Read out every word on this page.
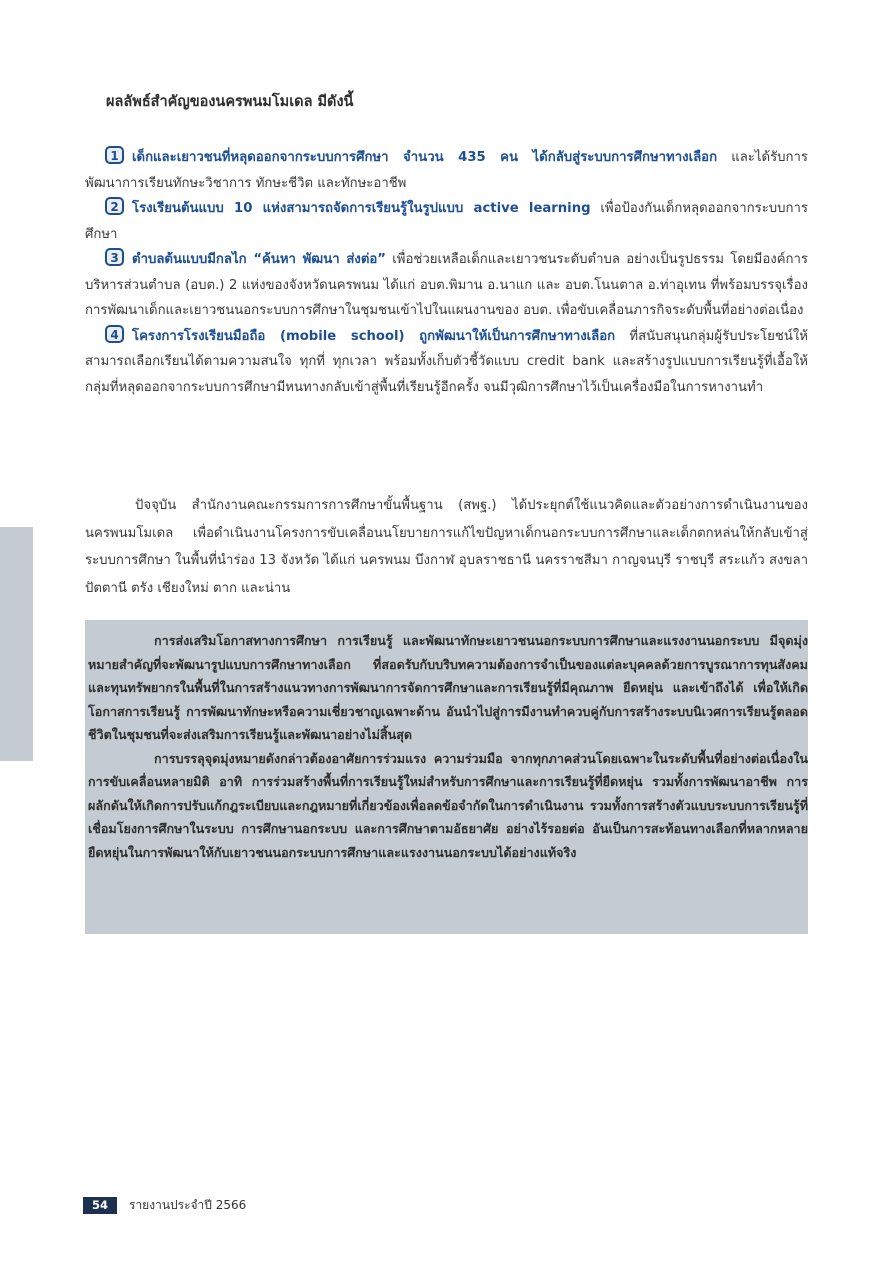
ผลลัพธ์สำคัญของนครพนมโมเดล มีดังนี้

1 เด็กและเยาวชนที่หลุดออกจากระบบการศึกษา จำนวน 435 คน ได้กลับสู่ระบบการศึกษาทางเลือก และได้รับการพัฒนาการเรียนทักษะวิชาการ ทักษะชีวิต และทักษะอาชีพ

2 โรงเรียนต้นแบบ 10 แห่งสามารถจัดการเรียนรู้ในรูปแบบ active learning เพื่อป้องกันเด็กหลุดออกจากระบบการศึกษา

3 ตำบลต้นแบบมีกลไก “ค้นหา พัฒนา ส่งต่อ” เพื่อช่วยเหลือเด็กและเยาวชนระดับตำบล อย่างเป็นรูปธรรม โดยมีองค์การบริหารส่วนตำบล (อบต.) 2 แห่งของจังหวัดนครพนม ได้แก่ อบต.พิมาน อ.นาแก และ อบต.โนนตาล อ.ท่าอุเทน ที่พร้อมบรรจุเรื่องการพัฒนาเด็กและเยาวชนนอกระบบการศึกษาในชุมชนเข้าไปในแผนงานของ อบต. เพื่อขับเคลื่อนภารกิจระดับพื้นที่อย่างต่อเนื่อง

4 โครงการโรงเรียนมือถือ (mobile school) ถูกพัฒนาให้เป็นการศึกษาทางเลือก ที่สนับสนุนกลุ่มผู้รับประโยชน์ให้สามารถเลือกเรียนได้ตามความสนใจ ทุกที่ ทุกเวลา พร้อมทั้งเก็บตัวชี้วัดแบบ credit bank และสร้างรูปแบบการเรียนรู้ที่เอื้อให้กลุ่มที่หลุดออกจากระบบการศึกษามีหนทางกลับเข้าสู่พื้นที่เรียนรู้อีกครั้ง จนมีวุฒิการศึกษาไว้เป็นเครื่องมือในการหางานทำ

ปัจจุบัน สำนักงานคณะกรรมการการศึกษาขั้นพื้นฐาน (สพฐ.) ได้ประยุกต์ใช้แนวคิดและตัวอย่างการดำเนินงานของนครพนมโมเดล เพื่อดำเนินงานโครงการขับเคลื่อนนโยบายการแก้ไขปัญหาเด็กนอกระบบการศึกษาและเด็กตกหล่นให้กลับเข้าสู่ระบบการศึกษา ในพื้นที่นำร่อง 13 จังหวัด ได้แก่ นครพนม บึงกาฬ อุบลราชธานี นครราชสีมา กาญจนบุรี ราชบุรี สระแก้ว สงขลา ปัตตานี ตรัง เชียงใหม่ ตาก และน่าน

การส่งเสริมโอกาสทางการศึกษา การเรียนรู้ และพัฒนาทักษะเยาวชนนอกระบบการศึกษาและแรงงานนอกระบบ มีจุดมุ่งหมายสำคัญที่จะพัฒนารูปแบบการศึกษาทางเลือก ที่สอดรับกับบริบทความต้องการจำเป็นของแต่ละบุคคลด้วยการบูรณาการทุนสังคมและทุนทรัพยากรในพื้นที่ในการสร้างแนวทางการพัฒนาการจัดการศึกษาและการเรียนรู้ที่มีคุณภาพ ยืดหยุ่น และเข้าถึงได้ เพื่อให้เกิดโอกาสการเรียนรู้ การพัฒนาทักษะหรือความเชี่ยวชาญเฉพาะด้าน อันนำไปสู่การมีงานทำควบคู่กับการสร้างระบบนิเวศการเรียนรู้ตลอดชีวิตในชุมชนที่จะส่งเสริมการเรียนรู้และพัฒนาอย่างไม่สิ้นสุด

การบรรลุจุดมุ่งหมายดังกล่าวต้องอาศัยการร่วมแรง ความร่วมมือ จากทุกภาคส่วนโดยเฉพาะในระดับพื้นที่อย่างต่อเนื่องในการขับเคลื่อนหลายมิติ อาทิ การร่วมสร้างพื้นที่การเรียนรู้ใหม่สำหรับการศึกษาและการเรียนรู้ที่ยืดหยุ่น รวมทั้งการพัฒนาอาชีพ การผลักดันให้เกิดการปรับแก้กฎระเบียบและกฎหมายที่เกี่ยวข้องเพื่อลดข้อจำกัดในการดำเนินงาน รวมทั้งการสร้างตัวแบบระบบการเรียนรู้ที่เชื่อมโยงการศึกษาในระบบ การศึกษานอกระบบ และการศึกษาตามอัธยาศัย อย่างไร้รอยต่อ อันเป็นการสะท้อนทางเลือกที่หลากหลายยืดหยุ่นในการพัฒนาให้กับเยาวชนนอกระบบการศึกษาและแรงงานนอกระบบได้อย่างแท้จริง

54	รายงานประจำปี 2566
